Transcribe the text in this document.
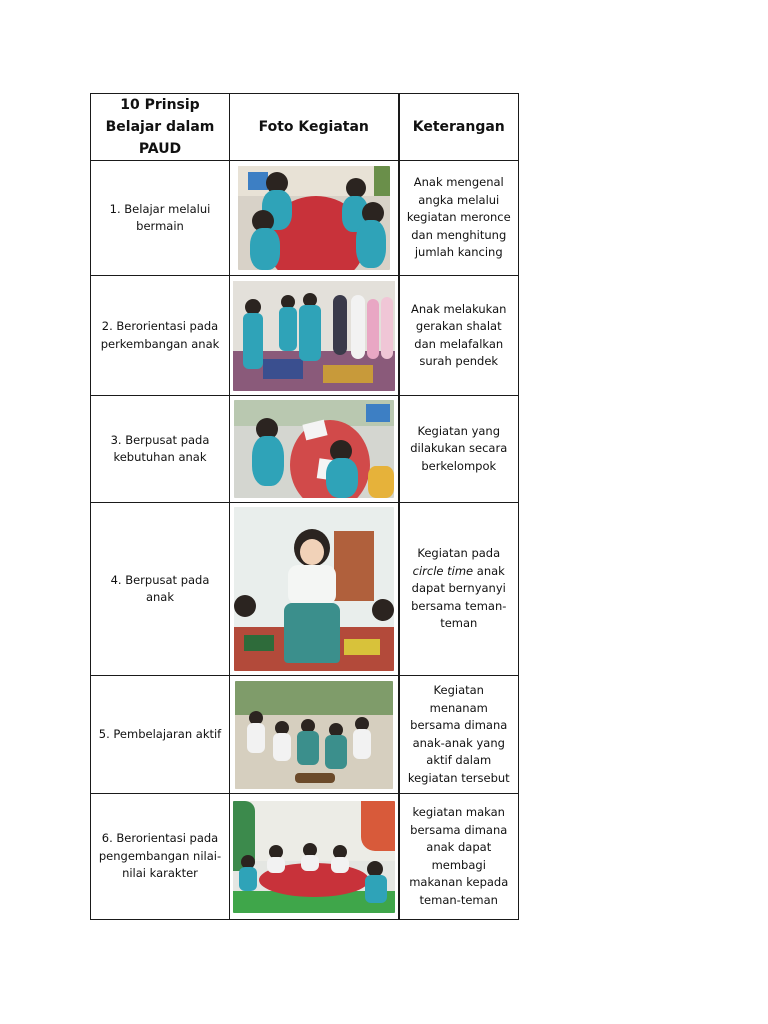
10 Prinsip Belajar dalam PAUD	Foto Kegiatan	Keterangan
1. Belajar melalui bermain		Anak mengenal angka melalui kegiatan meronce dan menghitung jumlah kancing
2. Berorientasi pada perkembangan anak		Anak melakukan gerakan shalat dan melafalkan surah pendek
3. Berpusat pada kebutuhan anak		Kegiatan yang dilakukan secara berkelompok
4. Berpusat pada anak		Kegiatan pada circle time anak dapat bernyanyi bersama teman-teman
5. Pembelajaran aktif		Kegiatan menanam bersama dimana anak-anak yang aktif dalam kegiatan tersebut
6. Berorientasi pada pengembangan nilai-nilai karakter		kegiatan makan bersama dimana anak dapat membagi makanan kepada teman-teman
